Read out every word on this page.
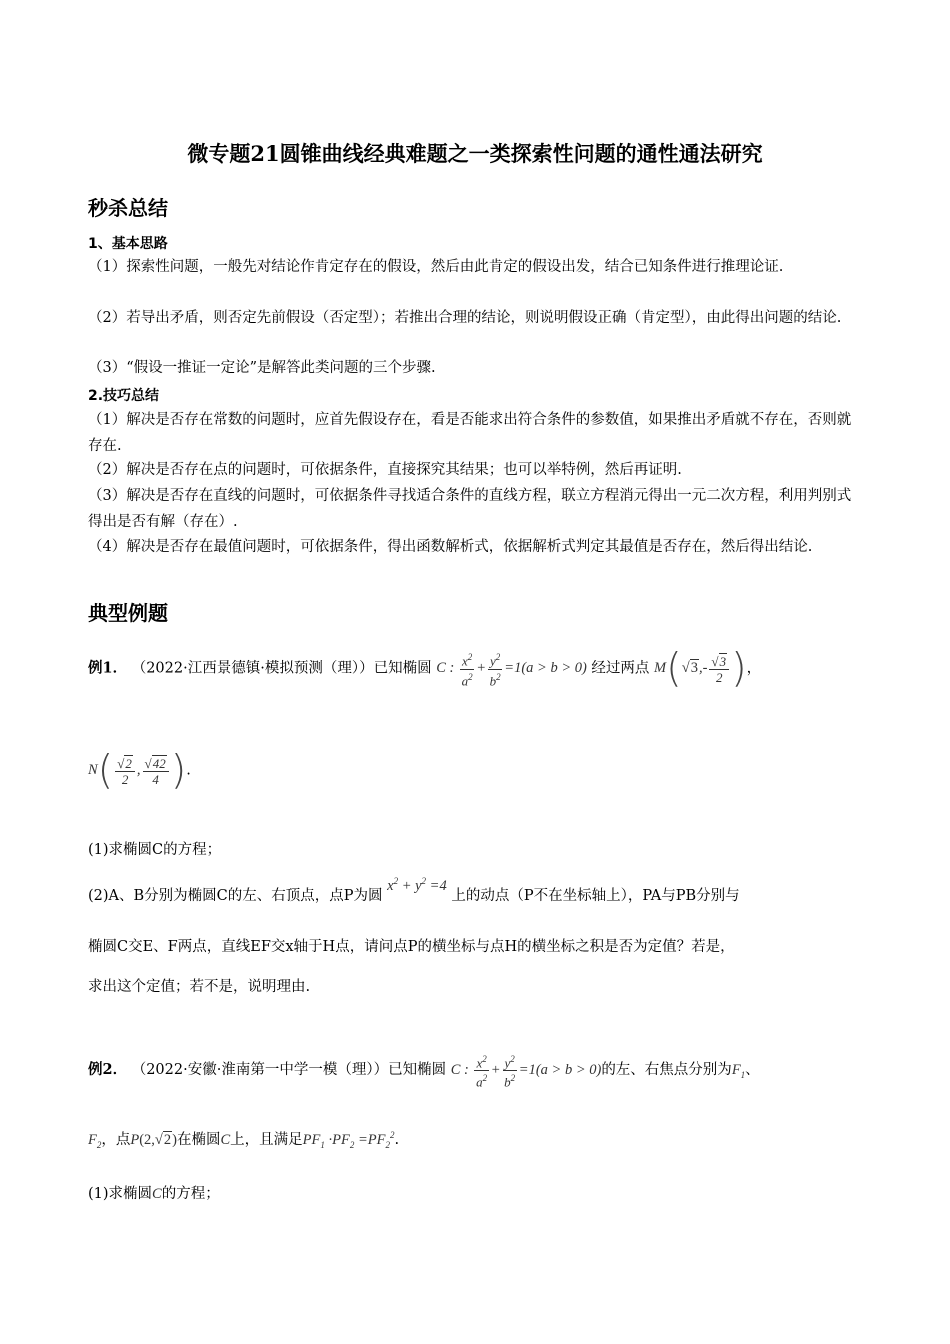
微专题21圆锥曲线经典难题之一类探索性问题的通性通法研究
秒杀总结
1、基本思路
（1）探索性问题，一般先对结论作肯定存在的假设，然后由此肯定的假设出发，结合已知条件进行推理论证.
（2）若导出矛盾，则否定先前假设（否定型）；若推出合理的结论，则说明假设正确（肯定型），由此得出问题的结论.
（3）“假设一推证一定论”是解答此类问题的三个步骤.
2.技巧总结
（1）解决是否存在常数的问题时，应首先假设存在，看是否能求出符合条件的参数值，如果推出矛盾就不存在，否则就存在.
（2）解决是否存在点的问题时，可依据条件，直接探究其结果；也可以举特例，然后再证明.
（3）解决是否存在直线的问题时，可依据条件寻找适合条件的直线方程，联立方程消元得出一元二次方程，利用判别式得出是否有解（存在）.
（4）解决是否存在最值问题时，可依据条件，得出函数解析式，依据解析式判定其最值是否存在，然后得出结论.
典型例题
例1． （2022·江西景德镇·模拟预测（理））已知椭圆 C : $\frac{x^2}{a^2} + \frac{y^2}{b^2} =1(a > b > 0)$ 经过两点 $M(√3,- \frac{√3}{2}$ )，
$N( \frac{√2}{2}$ , $\frac{√42}{4}$ ).
(1)求椭圆C的方程；
(2)A、B分别为椭圆C的左、右顶点，点P为圆 $x^2 + y^2 =4$ 上的动点（P不在坐标轴上），PA与PB分别与
椭圆C交E、F两点，直线EF交x轴于H点，请问点P的横坐标与点H的横坐标之积是否为定值？若是，
求出这个定值；若不是，说明理由.
例2． （2022·安徽·淮南第一中学一模（理））已知椭圆 C : $\frac{x^2}{a^2} + \frac{y^2}{b^2} =1(a > b > 0)$的左、右焦点分别为$F_1$、
$F_2$，点P(2,√2)在椭圆C上，且满足$PF_1 \cdot PF_2 =PF_2^2$.
(1)求椭圆C的方程；
